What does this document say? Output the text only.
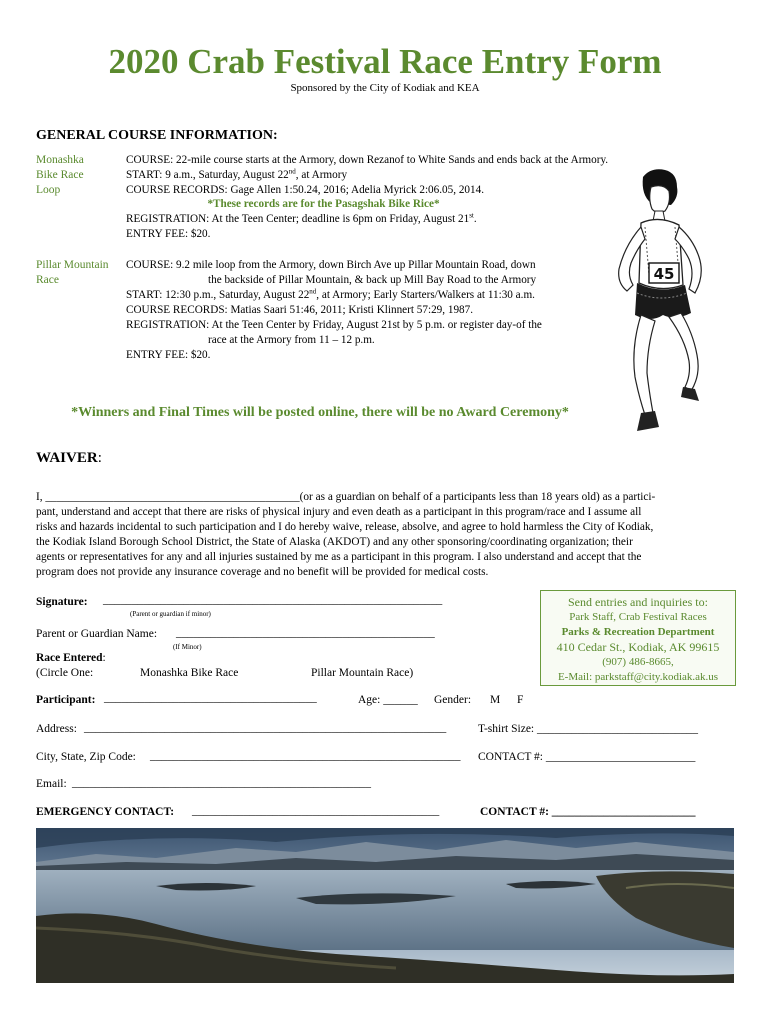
2020 Crab Festival Race Entry Form
Sponsored by the City of Kodiak and KEA
GENERAL COURSE INFORMATION:
Monashka
Bike Race
Loop
COURSE: 22-mile course starts at the Armory, down Rezanof to White Sands and ends back at the Armory.
START: 9 a.m., Saturday, August 22nd, at Armory
COURSE RECORDS: Gage Allen 1:50.24, 2016; Adelia Myrick 2:06.05, 2014.
*These records are for the Pasagshak Bike Rice*
REGISTRATION: At the Teen Center; deadline is 6pm on Friday, August 21st.
ENTRY FEE: $20.
Pillar Mountain
Race
COURSE: 9.2 mile loop from the Armory, down Birch Ave up Pillar Mountain Road, down
the backside of Pillar Mountain, & back up Mill Bay Road to the Armory
START: 12:30 p.m., Saturday, August 22nd, at Armory; Early Starters/Walkers at 11:30 a.m.
COURSE RECORDS: Matias Saari 51:46, 2011; Kristi Klinnert 57:29, 1987.
REGISTRATION: At the Teen Center by Friday, August 21st by 5 p.m. or register day-of the
race at the Armory from 11 – 12 p.m.
ENTRY FEE: $20.
45
*Winners and Final Times will be posted online, there will be no Award Ceremony*
WAIVER:
I, _____________________________________________(or as a guardian on behalf of a participants less than 18 years old) as a partici-
pant, understand and accept that there are risks of physical injury and even death as a participant in this program/race and I assume all
risks and hazards incidental to such participation and I do hereby waive, release, absolve, and agree to hold harmless the City of Kodiak,
the Kodiak Island Borough School District, the State of Alaska (AKDOT) and any other sponsoring/coordinating organization; their
agents or representatives for any and all injuries sustained by me as a participant in this program. I also understand and accept that the
program does not provide any insurance coverage and no benefit will be provided for medical costs.
Signature: ___________________________________________________________
(Parent or guardian if minor)
Parent or Guardian Name: _____________________________________________
(If Minor)
Race Entered:
(Circle One:	Monashka Bike Race	Pillar Mountain Race)
Send entries and inquiries to:
Park Staff, Crab Festival Races
Parks & Recreation Department
410 Cedar St., Kodiak, AK 99615
(907) 486-8665,
E-Mail: parkstaff@city.kodiak.ak.us
Participant: _____________________________________	Age: ______ Gender: M F
Address: _______________________________________________________________	T-shirt Size: ____________________________
City, State, Zip Code: ______________________________________________________ CONTACT #: __________________________
Email: ____________________________________________________
EMERGENCY CONTACT: ___________________________________________	CONTACT #: _________________________
